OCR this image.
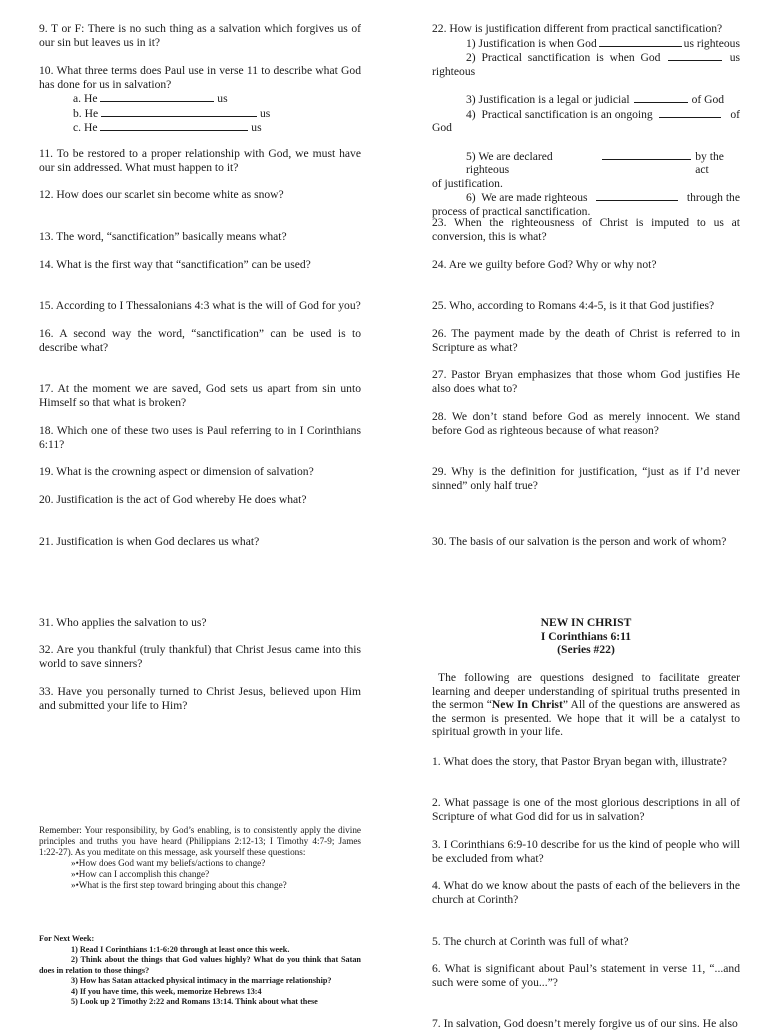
9. T or F: There is no such thing as a salvation which forgives us of our sin but leaves us in it?

10. What three terms does Paul use in verse 11 to describe what God has done for us in salvation?
a. He	us
b. He	us
c. He	us

11. To be restored to a proper relationship with God, we must have our sin addressed. What must happen to it?

12. How does our scarlet sin become white as snow?

13. The word, “sanctification” basically means what?

14. What is the first way that “sanctification” can be used?

15. According to I Thessalonians 4:3 what is the will of God for you?

16. A second way the word, “sanctification” can be used is to describe what?

17. At the moment we are saved, God sets us apart from sin unto Himself so that what is broken?

18. Which one of these two uses is Paul referring to in I Corinthians 6:11?

19. What is the crowning aspect or dimension of salvation?

20. Justification is the act of God whereby He does what?

21. Justification is when God declares us what?

31. Who applies the salvation to us?

32. Are you thankful (truly thankful) that Christ Jesus came into this world to save sinners?

33. Have you personally turned to Christ Jesus, believed upon Him and submitted your life to Him?

Remember: Your responsibility, by God’s enabling, is to consistently apply the divine principles and truths you have heard (Philippians 2:12-13; I Timothy 4:7-9; James 1:22-27). As you meditate on this message, ask yourself these questions:
»•How does God want my beliefs/actions to change?
»•How can I accomplish this change?
»•What is the first step toward bringing about this change?
For Next Week:
1) Read I Corinthians 1:1-6:20 through at least once this week.
2) Think about the things that God values highly? What do you think that Satan does in relation to those things?
3) How has Satan attacked physical intimacy in the marriage relationship?
4) If you have time, this week, memorize Hebrews 13:4
5) Look up 2 Timothy 2:22 and Romans 13:14. Think about what these
22. How is justification different from practical sanctification?
1) Justification is when God	us righteous
2)  Practical  sanctification  is  when  God	us
righteous
3) Justification is a legal or judicial	of God
4)  Practical sanctification is an ongoing	of
God
5) We are declared righteous
by the act
of justification.
6)  We are made righteous	through the
process of practical sanctification.

23. When the righteousness of Christ is imputed to us at conversion, this is what?

24. Are we guilty before God? Why or why not?

25. Who, according to Romans 4:4-5, is it that God justifies?

26. The payment made by the death of Christ is referred to in Scripture as what?

27. Pastor Bryan emphasizes that those whom God justifies He also does what to?

28. We don’t stand before God as merely innocent. We stand before God as righteous because of what reason?

29. Why is the definition for justification, “just as if I’d never sinned” only half true?

30. The basis of our salvation is the person and work of whom?

NEW IN CHRIST
I Corinthians 6:11
(Series #22)

The following are questions designed to facilitate greater learning and deeper understanding of spiritual truths presented in the sermon “New In Christ” All of the questions are answered as the sermon is presented. We hope that it will be a catalyst to spiritual growth in your life.

1. What does the story, that Pastor Bryan began with, illustrate?

2. What passage is one of the most glorious descriptions in all of Scripture of what God did for us in salvation?

3. I Corinthians 6:9-10 describe for us the kind of people who will be excluded from what?

4. What do we know about the pasts of each of the believers in the church at Corinth?

5. The church at Corinth was full of what?

6. What is significant about Paul’s statement in verse 11, “...and such were some of you...”?

7. In salvation, God doesn’t merely forgive us of our sins. He also
